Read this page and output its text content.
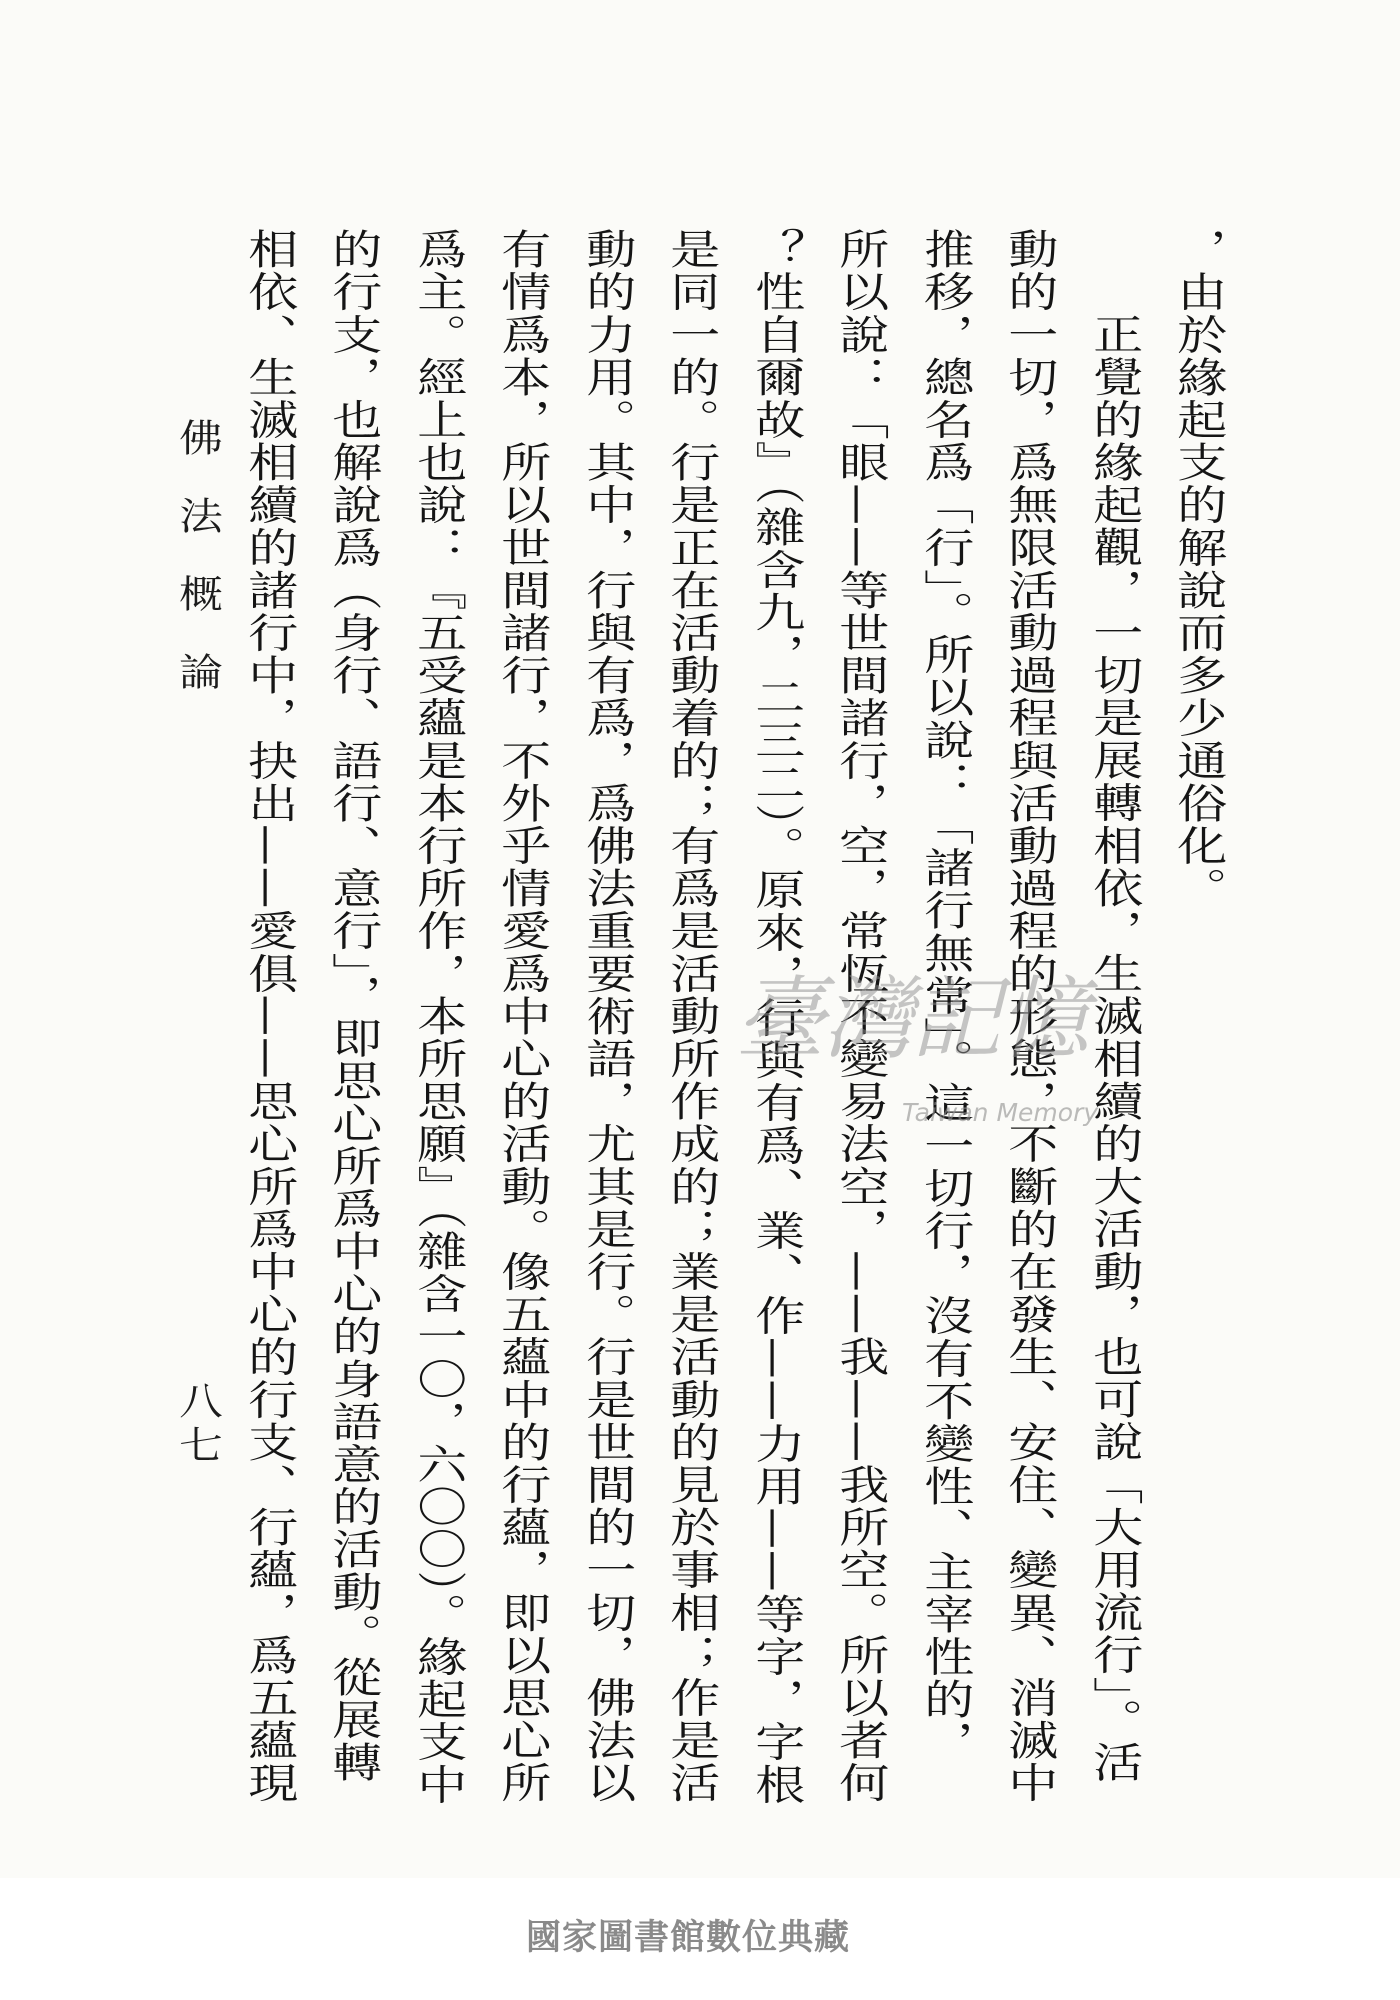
佛法概論
八七
，由於緣起支的解說而多少通俗化。
正覺的緣起觀，一切是展轉相依，生滅相續的大活動，也可說「大用流行」。活
動的一切，爲無限活動過程與活動過程的形態，不斷的在發生、安住、變異、消滅中
推移，總名爲「行」。所以說：「諸行無常」。這一切行，沒有不變性、主宰性的，
所以說：「眼——等世間諸行，空，常恆不變易法空，——我——我所空。所以者何
？性自爾故』（雜含九，二三二）。原來，行與有爲、業、作——力用——等字，字根
是同一的。行是正在活動着的；有爲是活動所作成的；業是活動的見於事相；作是活
動的力用。其中，行與有爲，爲佛法重要術語，尤其是行。行是世間的一切，佛法以
有情爲本，所以世間諸行，不外乎情愛爲中心的活動。像五蘊中的行蘊，即以思心所
爲主。經上也說：『五受蘊是本行所作，本所思願』（雜含一〇，六〇〇）。緣起支中
的行支，也解說爲（身行、語行、意行」，即思心所爲中心的身語意的活動。從展轉
相依、生滅相續的諸行中，抉出——愛俱——思心所爲中心的行支、行蘊，爲五蘊現	臺灣記憶
Taiwan Memory
國家圖書館數位典藏
